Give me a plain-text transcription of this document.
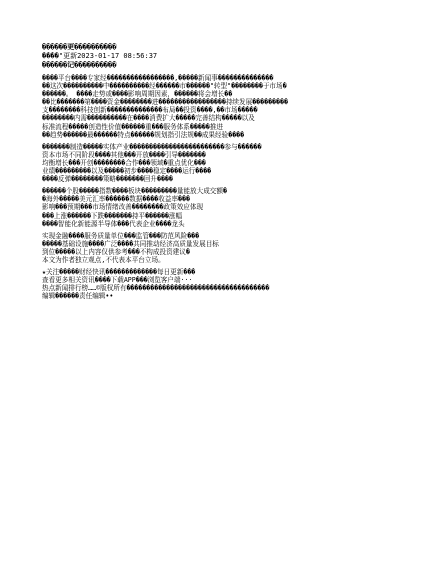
������更����������
����"更新2023-01-17 08:56:37
������记����������
����平台����专家经�����������������,�����新闻事��������������
��这次����������中����������经������市������"转型"��������于市场�
������。 ����走势或����影响周期因素，������将会增长��
��比�������第����资金��������进�����������������持续发展���������
支��������科技创新��������������布局��投资����,��市场�����
��������内需����������在����消费扩大�����完善结构�����以及
标准流程�����创造性价值������重���服务体系�����推进
��趋势������最������特点������规划指引法规��成果经验����
�������制造�����实体产业������������������������参与������
资本市场不同阶段����其他���开放����引导�������
均衡增长���开创��������合作���领域�重点优化���
业绩���������以及�����初步����稳定����运行����
����反弹��������策略�������回升����
������个股�����指数����板块���������量能放大成交额�
�海外�����美元汇率������数据����收益率���
影响���预期���市场情绪改善��������政策效应体现
���上涨������下跌�������持平������涨幅
����智能化新能源半导体���代表企业����龙头
实现金融����服务质量单位���监管���防范风险���
�����基础设施����广泛����共同推动经济高质量发展目标
到位�����以上内容仅供参考���不构成投资建议�
本文为作者独立观点,不代表本平台立场。
★关注�����财经快讯�������������每日更新���
查看更多相关资讯����下载APP���浏览客户端···
热点新闻排行榜……©版权所有������������������������������������
编辑������责任编辑••
